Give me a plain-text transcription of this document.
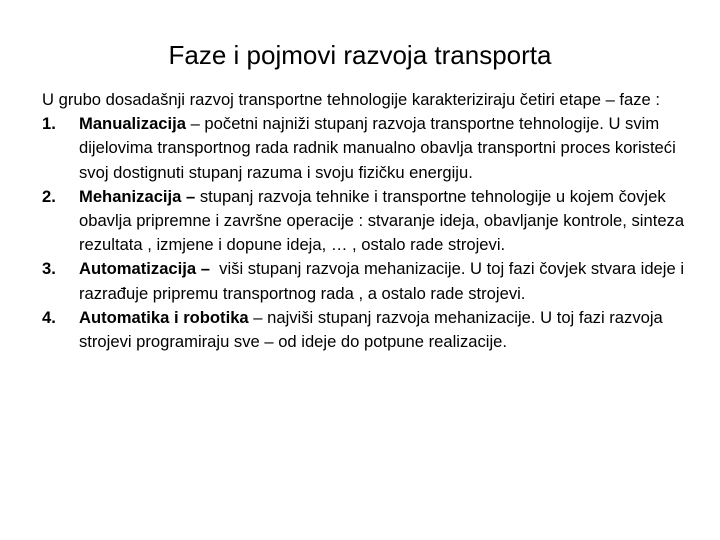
Faze i pojmovi razvoja transporta

U grubo dosadašnji razvoj transportne tehnologije karakteriziraju četiri etape – faze :

1. Manualizacija – početni najniži stupanj razvoja transportne tehnologije. U svim dijelovima transportnog rada radnik manualno obavlja transportni proces koristeći svoj dostignuti stupanj razuma i svoju fizičku energiju.

2. Mehanizacija – stupanj razvoja tehnike i transportne tehnologije u kojem čovjek obavlja pripremne i završne operacije : stvaranje ideja, obavljanje kontrole, sinteza rezultata , izmjene i dopune ideja, … , ostalo rade strojevi.

3. Automatizacija –  viši stupanj razvoja mehanizacije. U toj fazi čovjek stvara ideje i razrađuje pripremu transportnog rada , a ostalo rade strojevi.

4. Automatika i robotika – najviši stupanj razvoja mehanizacije. U toj fazi razvoja strojevi programiraju sve – od ideje do potpune realizacije.
